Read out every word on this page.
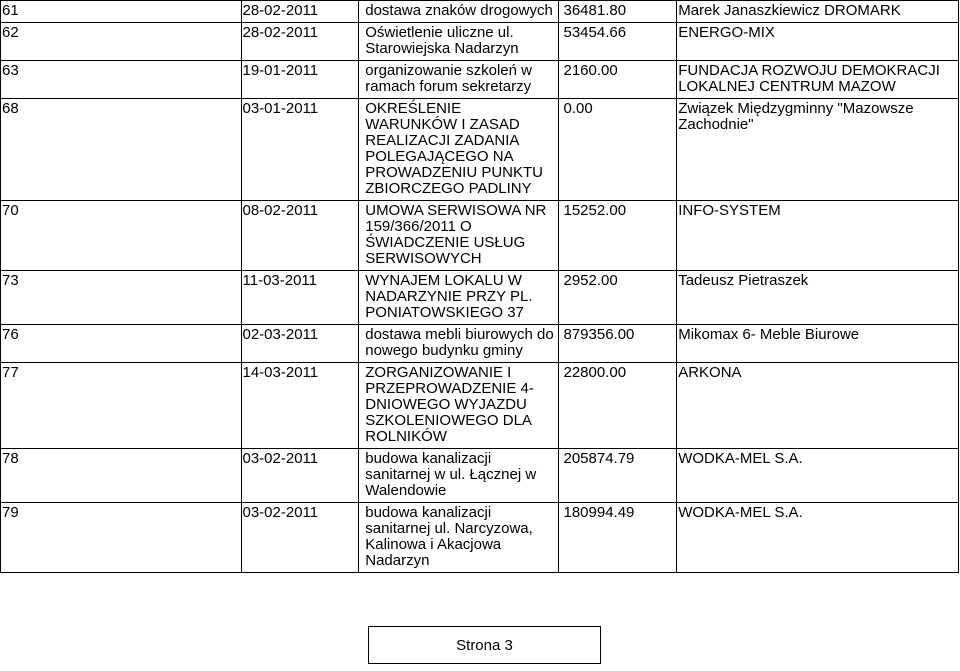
61	28-02-2011	dostawa znaków drogowych	36481.80	Marek Janaszkiewicz DROMARK
62	28-02-2011	Oświetlenie uliczne ul. Starowiejska Nadarzyn	53454.66	ENERGO-MIX
63	19-01-2011	organizowanie szkoleń w ramach forum sekretarzy	2160.00	FUNDACJA ROZWOJU DEMOKRACJI LOKALNEJ CENTRUM MAZOW
68	03-01-2011	OKREŚLENIE WARUNKÓW I ZASAD REALIZACJI ZADANIA POLEGAJĄCEGO NA PROWADZENIU PUNKTU ZBIORCZEGO PADLINY	0.00	Związek Międzygminny "Mazowsze Zachodnie"
70	08-02-2011	UMOWA SERWISOWA NR 159/366/2011 O ŚWIADCZENIE USŁUG SERWISOWYCH	15252.00	INFO-SYSTEM
73	11-03-2011	WYNAJEM LOKALU W NADARZYNIE PRZY PL. PONIATOWSKIEGO 37	2952.00	Tadeusz Pietraszek
76	02-03-2011	dostawa mebli biurowych do nowego budynku gminy	879356.00	Mikomax 6- Meble Biurowe
77	14-03-2011	ZORGANIZOWANIE I PRZEPROWADZENIE 4-DNIOWEGO WYJAZDU SZKOLENIOWEGO DLA ROLNIKÓW	22800.00	ARKONA
78	03-02-2011	budowa kanalizacji sanitarnej w ul. Łącznej w Walendowie	205874.79	WODKA-MEL S.A.
79	03-02-2011	budowa kanalizacji sanitarnej ul. Narcyzowa, Kalinowa i Akacjowa Nadarzyn	180994.49	WODKA-MEL S.A.
Strona 3
